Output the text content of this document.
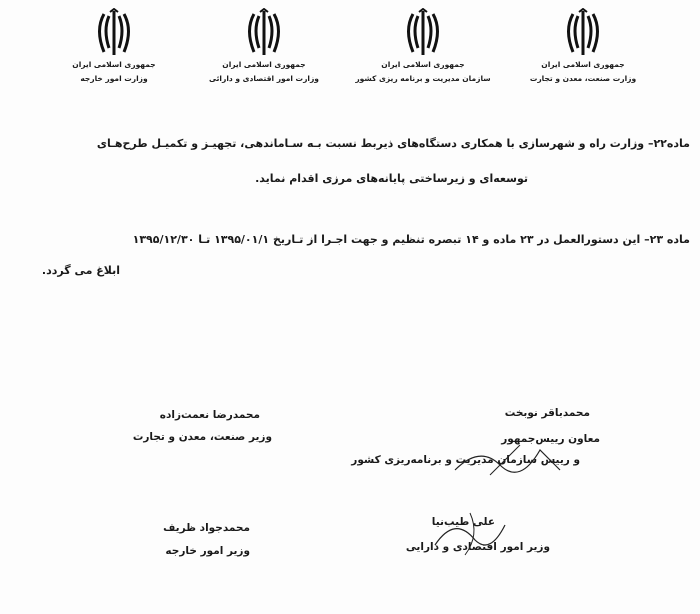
جمهوری اسلامی ایران
وزارت صنعت، معدن و تجارت
جمهوری اسلامی ایران
سازمان مدیریت و برنامه ریزی کشور
جمهوری اسلامی ایران
وزارت امور اقتصادی و دارائی
جمهوری اسلامی ایران
وزارت امور خارجه
ماده۲۲– وزارت راه و شهرسازی با همکاری دستگاه‌های ذیربط نسبت بـه سـاماندهی، تجهیـز و تکمیـل طرح‌هـای
توسعه‌ای و زیرساختی پایانه‌های مرزی اقدام نماید.
ماده ۲۳– این دستورالعمل در ۲۳ ماده و ۱۴ تبصره تنظیم و جهت اجـرا از تـاریخ ۱۳۹۵/۰۱/۱ تـا ۱۳۹۵/۱۲/۳۰
ابلاغ می گردد.
محمدباقر نوبخت
معاون رییس‌جمهور
و رییس سازمان مدیریت و برنامه‌ریزی کشور
محمدرضا نعمت‌زاده
وزیر صنعت، معدن و تجارت
علی طیب‌نیا
وزیر امور اقتصادی و دارایی
محمدجواد ظریف
وزیر امور خارجه
